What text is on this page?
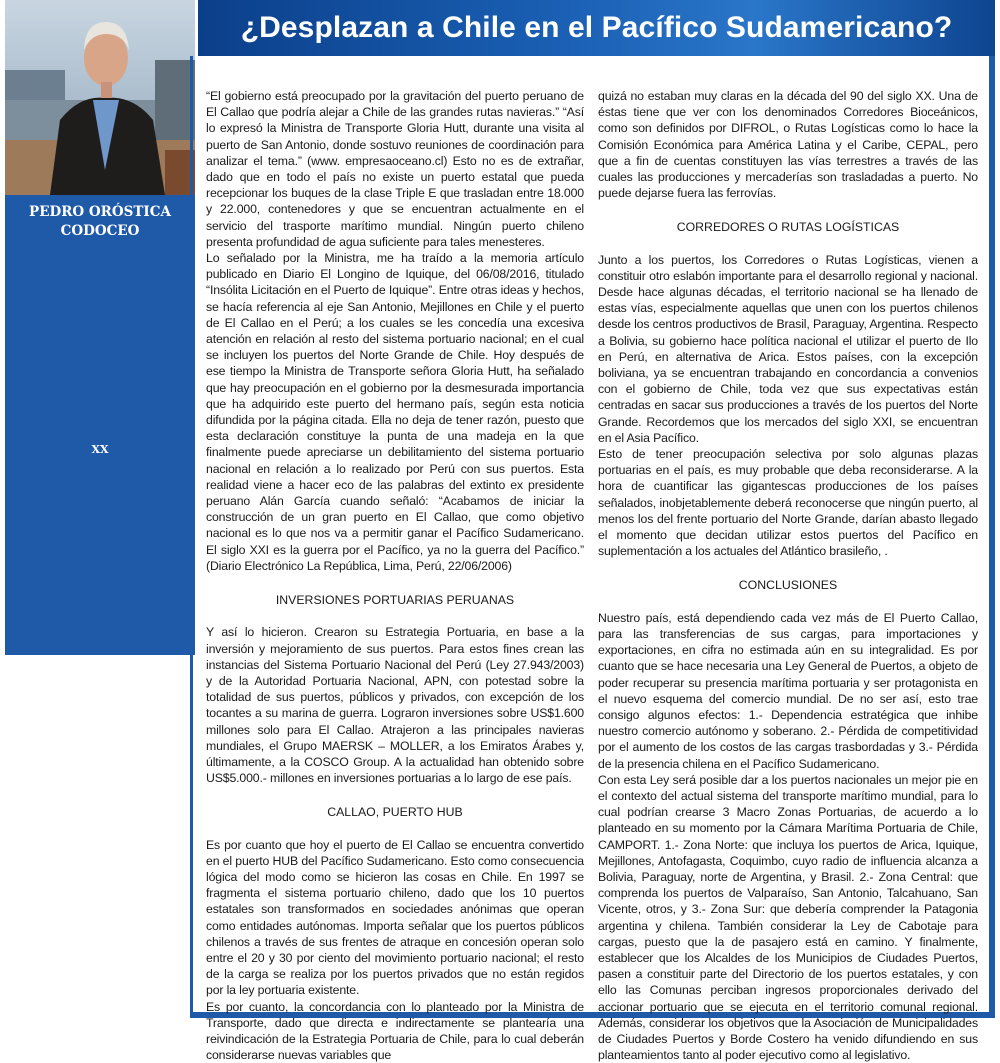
PEDRO ORÓSTICA
CODOCEO
XX
¿Desplazan a Chile en el Pacífico Sudamericano?

“El gobierno está preocupado por la gravitación del puerto peruano de El Callao que podría alejar a Chile de las grandes rutas navieras.” “Así lo expresó la Ministra de Transporte Gloria Hutt, durante una visita al puerto de San Antonio, donde sostuvo reuniones de coordinación para analizar el tema.” (www. empresaoceano.cl) Esto no es de extrañar, dado que en todo el país no existe un puerto estatal que pueda recepcionar los buques de la clase Triple E que trasladan entre 18.000 y 22.000, contenedores y que se encuentran actualmente en el servicio del trasporte marítimo mundial. Ningún puerto chileno presenta profundidad de agua suficiente para tales menesteres.

Lo señalado por la Ministra, me ha traído a la memoria artículo publicado en Diario El Longino de Iquique, del 06/08/2016, titulado “Insólita Licitación en el Puerto de Iquique”. Entre otras ideas y hechos, se hacía referencia al eje San Antonio, Mejillones en Chile y el puerto de El Callao en el Perú; a los cuales se les concedía una excesiva atención en relación al resto del sistema portuario nacional; en el cual se incluyen los puertos del Norte Grande de Chile. Hoy después de ese tiempo la Ministra de Transporte señora Gloria Hutt, ha señalado que hay preocupación en el gobierno por la desmesurada importancia que ha adquirido este puerto del hermano país, según esta noticia difundida por la página citada. Ella no deja de tener razón, puesto que esta declaración constituye la punta de una madeja en la que finalmente puede apreciarse un debilitamiento del sistema portuario nacional en relación a lo realizado por Perú con sus puertos. Esta realidad viene a hacer eco de las palabras del extinto ex presidente peruano Alán García cuando señaló: “Acabamos de iniciar la construcción de un gran puerto en El Callao, que como objetivo nacional es lo que nos va a permitir ganar el Pacífico Sudamericano. El siglo XXI es la guerra por el Pacífico, ya no la guerra del Pacífico.” (Diario Electrónico La República, Lima, Perú, 22/06/2006)

INVERSIONES PORTUARIAS PERUANAS

Y así lo hicieron. Crearon su Estrategia Portuaria, en base a la inversión y mejoramiento de sus puertos. Para estos fines crean las instancias del Sistema Portuario Nacional del Perú (Ley 27.943/2003) y de la Autoridad Portuaria Nacional, APN, con potestad sobre la totalidad de sus puertos, públicos y privados, con excepción de los tocantes a su marina de guerra. Lograron inversiones sobre US$1.600 millones solo para El Callao. Atrajeron a las principales navieras mundiales, el Grupo MAERSK – MOLLER, a los Emiratos Árabes y, últimamente, a la COSCO Group. A la actualidad han obtenido sobre US$5.000.- millones en inversiones portuarias a lo largo de ese país.

CALLAO, PUERTO HUB

Es por cuanto que hoy el puerto de El Callao se encuentra convertido en el puerto HUB del Pacífico Sudamericano. Esto como consecuencia lógica del modo como se hicieron las cosas en Chile. En 1997 se fragmenta el sistema portuario chileno, dado que los 10 puertos estatales son transformados en sociedades anónimas que operan como entidades autónomas. Importa señalar que los puertos públicos chilenos a través de sus frentes de atraque en concesión operan solo entre el 20 y 30 por ciento del movimiento portuario nacional; el resto de la carga se realiza por los puertos privados que no están regidos por la ley portuaria existente.

Es por cuanto, la concordancia con lo planteado por la Ministra de Transporte, dado que directa e indirectamente se plantearía una reivindicación de la Estrategia Portuaria de Chile, para lo cual deberán considerarse nuevas variables que

quizá no estaban muy claras en la década del 90 del siglo XX. Una de éstas tiene que ver con los denominados Corredores Bioceánicos, como son definidos por DIFROL, o Rutas Logísticas como lo hace la Comisión Económica para América Latina y el Caribe, CEPAL, pero que a fin de cuentas constituyen las vías terrestres a través de las cuales las producciones y mercaderías son trasladadas a puerto. No puede dejarse fuera las ferrovías.

CORREDORES O RUTAS LOGÍSTICAS

Junto a los puertos, los Corredores o Rutas Logísticas, vienen a constituir otro eslabón importante para el desarrollo regional y nacional. Desde hace algunas décadas, el territorio nacional se ha llenado de estas vías, especialmente aquellas que unen con los puertos chilenos desde los centros productivos de Brasil, Paraguay, Argentina. Respecto a Bolivia, su gobierno hace política nacional el utilizar el puerto de Ilo en Perú, en alternativa de Arica. Estos países, con la excepción boliviana, ya se encuentran trabajando en concordancia a convenios con el gobierno de Chile, toda vez que sus expectativas están centradas en sacar sus producciones a través de los puertos del Norte Grande. Recordemos que los mercados del siglo XXI, se encuentran en el Asia Pacífico.

Esto de tener preocupación selectiva por solo algunas plazas portuarias en el país, es muy probable que deba reconsiderarse. A la hora de cuantificar las gigantescas producciones de los países señalados, inobjetablemente deberá reconocerse que ningún puerto, al menos los del frente portuario del Norte Grande, darían abasto llegado el momento que decidan utilizar estos puertos del Pacífico en suplementación a los actuales del Atlántico brasileño, .

CONCLUSIONES

Nuestro país, está dependiendo cada vez más de El Puerto Callao, para las transferencias de sus cargas, para importaciones y exportaciones, en cifra no estimada aún en su integralidad. Es por cuanto que se hace necesaria una Ley General de Puertos, a objeto de poder recuperar su presencia marítima portuaria y ser protagonista en el nuevo esquema del comercio mundial. De no ser así, esto trae consigo algunos efectos: 1.- Dependencia estratégica que inhibe nuestro comercio autónomo y soberano. 2.- Pérdida de competitividad por el aumento de los costos de las cargas trasbordadas y 3.- Pérdida de la presencia chilena en el Pacífico Sudamericano.

Con esta Ley será posible dar a los puertos nacionales un mejor pie en el contexto del actual sistema del transporte marítimo mundial, para lo cual podrían crearse 3 Macro Zonas Portuarias, de acuerdo a lo planteado en su momento por la Cámara Marítima Portuaria de Chile, CAMPORT. 1.- Zona Norte: que incluya los puertos de Arica, Iquique, Mejillones, Antofagasta, Coquimbo, cuyo radio de influencia alcanza a Bolivia, Paraguay, norte de Argentina, y Brasil. 2.- Zona Central: que comprenda los puertos de Valparaíso, San Antonio, Talcahuano, San Vicente, otros, y 3.- Zona Sur: que debería comprender la Patagonia argentina y chilena. También considerar la Ley de Cabotaje para cargas, puesto que la de pasajero está en camino. Y finalmente, establecer que los Alcaldes de los Municipios de Ciudades Puertos, pasen a constituir parte del Directorio de los puertos estatales, y con ello las Comunas perciban ingresos proporcionales derivado del accionar portuario que se ejecuta en el territorio comunal regional. Además, considerar los objetivos que la Asociación de Municipalidades de Ciudades Puertos y Borde Costero ha venido difundiendo en sus planteamientos tanto al poder ejecutivo como al legislativo.
